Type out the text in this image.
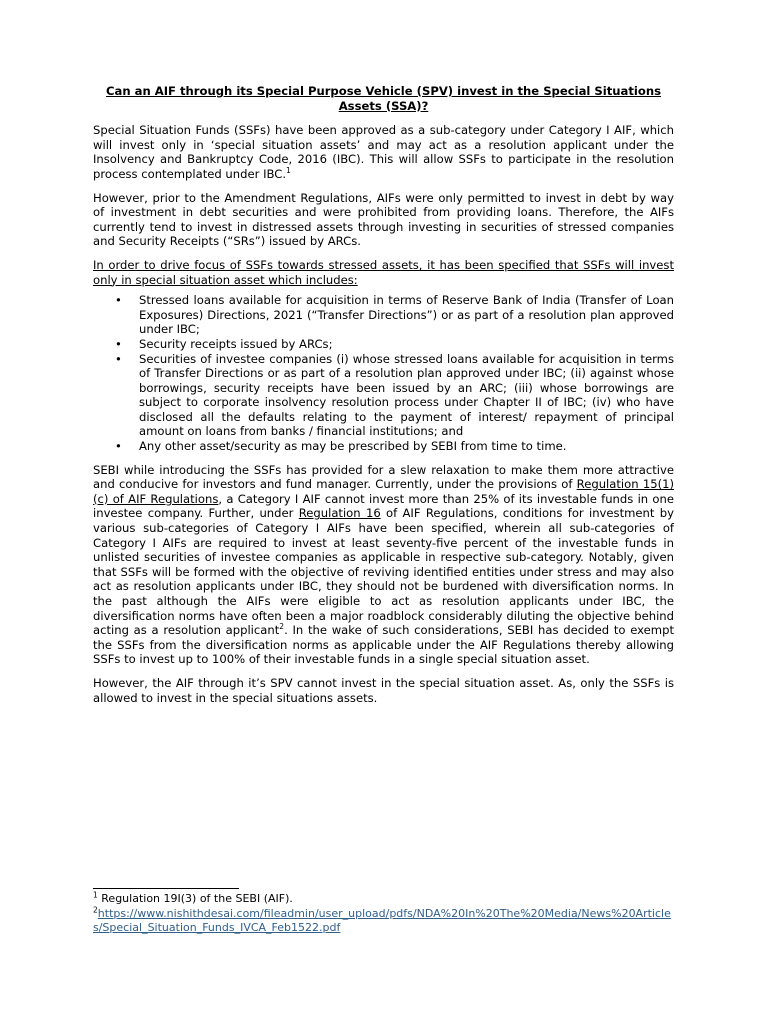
Can an AIF through its Special Purpose Vehicle (SPV) invest in the Special Situations Assets (SSA)?

Special Situation Funds (SSFs) have been approved as a sub-category under Category I AIF, which will invest only in ‘special situation assets’ and may act as a resolution applicant under the Insolvency and Bankruptcy Code, 2016 (IBC). This will allow SSFs to participate in the resolution process contemplated under IBC.$^1$

However, prior to the Amendment Regulations, AIFs were only permitted to invest in debt by way of investment in debt securities and were prohibited from providing loans. Therefore, the AIFs currently tend to invest in distressed assets through investing in securities of stressed companies and Security Receipts (“SRs”) issued by ARCs.

In order to drive focus of SSFs towards stressed assets, it has been specified that SSFs will invest only in special situation asset which includes:

• Stressed loans available for acquisition in terms of Reserve Bank of India (Transfer of Loan Exposures) Directions, 2021 (“Transfer Directions”) or as part of a resolution plan approved under IBC;
• Security receipts issued by ARCs;
• Securities of investee companies (i) whose stressed loans available for acquisition in terms of Transfer Directions or as part of a resolution plan approved under IBC; (ii) against whose borrowings, security receipts have been issued by an ARC; (iii) whose borrowings are subject to corporate insolvency resolution process under Chapter II of IBC; (iv) who have disclosed all the defaults relating to the payment of interest/ repayment of principal amount on loans from banks / financial institutions; and
• Any other asset/security as may be prescribed by SEBI from time to time.

SEBI while introducing the SSFs has provided for a slew relaxation to make them more attractive and conducive for investors and fund manager. Currently, under the provisions of Regulation 15(1)(c) of AIF Regulations, a Category I AIF cannot invest more than 25% of its investable funds in one investee company. Further, under Regulation 16 of AIF Regulations, conditions for investment by various sub-categories of Category I AIFs have been specified, wherein all sub-categories of Category I AIFs are required to invest at least seventy-five percent of the investable funds in unlisted securities of investee companies as applicable in respective sub-category. Notably, given that SSFs will be formed with the objective of reviving identified entities under stress and may also act as resolution applicants under IBC, they should not be burdened with diversification norms. In the past although the AIFs were eligible to act as resolution applicants under IBC, the diversification norms have often been a major roadblock considerably diluting the objective behind acting as a resolution applicant$^2$. In the wake of such considerations, SEBI has decided to exempt the SSFs from the diversification norms as applicable under the AIF Regulations thereby allowing SSFs to invest up to 100% of their investable funds in a single special situation asset.

However, the AIF through it’s SPV cannot invest in the special situation asset. As, only the SSFs is allowed to invest in the special situations assets.

$^1$ Regulation 19I(3) of the SEBI (AIF).
$^2$https://www.nishithdesai.com/fileadmin/user_upload/pdfs/NDA%20In%20The%20Media/News%20Articles/Special_Situation_Funds_IVCA_Feb1522.pdf
